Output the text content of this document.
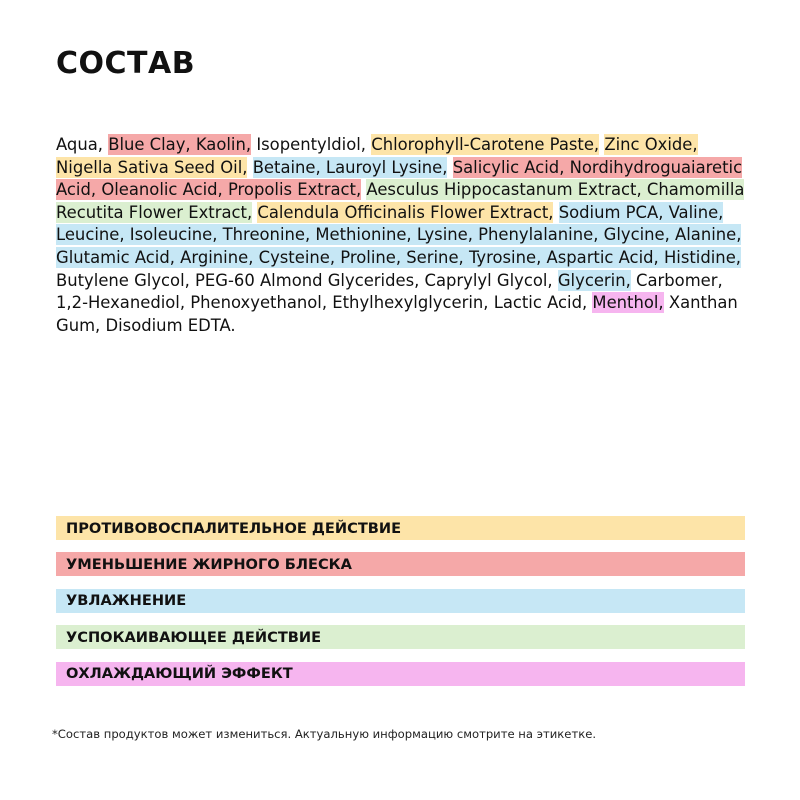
СОСТАВ
Aqua, Blue Clay, Kaolin, Isopentyldiol, Chlorophyll-Carotene Paste, Zinc Oxide, Nigella Sativa Seed Oil, Betaine, Lauroyl Lysine, Salicylic Acid, Nordihydroguaiaretic Acid, Oleanolic Acid, Propolis Extract, Aesculus Hippocastanum Extract, Chamomilla Recutita Flower Extract, Calendula Officinalis Flower Extract, Sodium PCA, Valine, Leucine, Isoleucine, Threonine, Methionine, Lysine, Phenylalanine, Glycine, Alanine, Glutamic Acid, Arginine, Cysteine, Proline, Serine, Tyrosine, Aspartic Acid, Histidine, Butylene Glycol, PEG-60 Almond Glycerides, Caprylyl Glycol, Glycerin, Carbomer, 1,2-Hexanediol, Phenoxyethanol, Ethylhexylglycerin, Lactic Acid, Menthol, Xanthan Gum, Disodium EDTA.
ПРОТИВОВОСПАЛИТЕЛЬНОЕ ДЕЙСТВИЕ
УМЕНЬШЕНИЕ ЖИРНОГО БЛЕСКА
УВЛАЖНЕНИЕ
УСПОКАИВАЮЩЕЕ ДЕЙСТВИЕ
ОХЛАЖДАЮЩИЙ ЭФФЕКТ
*Состав продуктов может измениться. Актуальную информацию смотрите на этикетке.
